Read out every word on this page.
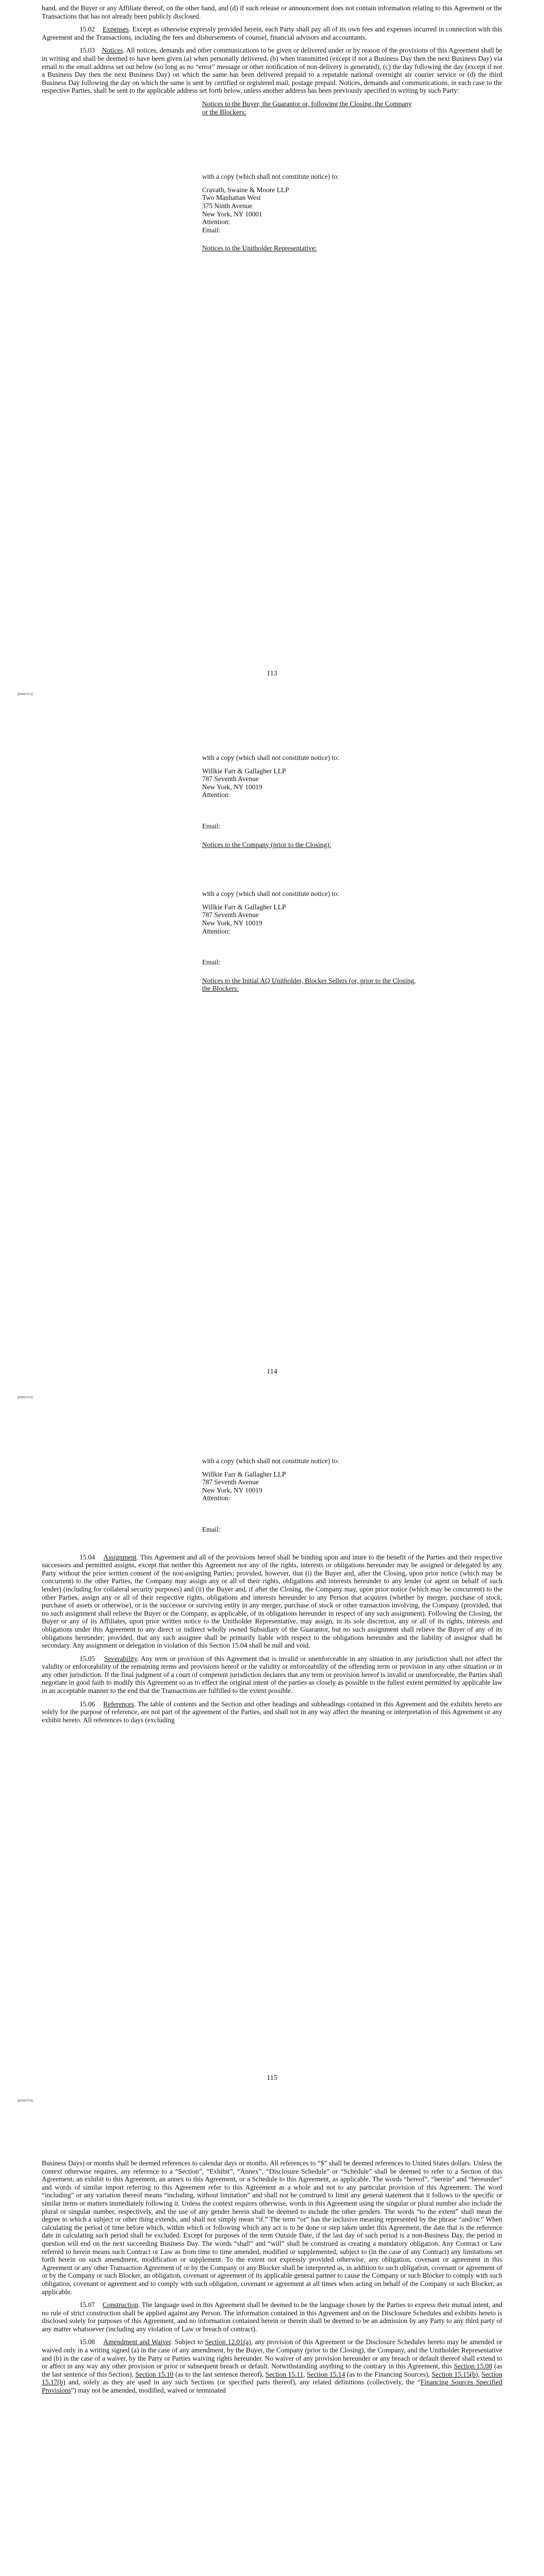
hand, and the Buyer or any Affiliate thereof, on the other hand, and (d) if such release or announcement does not contain information relating to this Agreement or the Transactions that has not already been publicly disclosed.

15.02 Expenses. Except as otherwise expressly provided herein, each Party shall pay all of its own fees and expenses incurred in connection with this Agreement and the Transactions, including the fees and disbursements of counsel, financial advisors and accountants.

15.03 Notices. All notices, demands and other communications to be given or delivered under or by reason of the provisions of this Agreement shall be in writing and shall be deemed to have been given (a) when personally delivered, (b) when transmitted (except if not a Business Day then the next Business Day) via email to the email address set out below (so long as no “error” message or other notification of non-delivery is generated), (c) the day following the day (except if not a Business Day then the next Business Day) on which the same has been delivered prepaid to a reputable national overnight air courier service or (d) the third Business Day following the day on which the same is sent by certified or registered mail, postage prepaid. Notices, demands and communications, in each case to the respective Parties, shall be sent to the applicable address set forth below, unless another address has been previously specified in writing by such Party:

Notices to the Buyer, the Guarantor or, following the Closing, the Company or the Blockers:
with a copy (which shall not constitute notice) to:
Cravath, Swaine & Moore LLP
Two Manhattan West
375 Ninth Avenue
New York, NY 10001
Attention:
Email:
Notices to the Unitholder Representative:
113
[[5999767]]
with a copy (which shall not constitute notice) to:
Willkie Farr & Gallagher LLP
787 Seventh Avenue
New York, NY 10019
Attention:
Email:
Notices to the Company (prior to the Closing):
with a copy (which shall not constitute notice) to:
Willkie Farr & Gallagher LLP
787 Seventh Avenue
New York, NY 10019
Attention:
Email:
Notices to the Initial AQ Unitholder, Blocker Sellers (or, prior to the Closing, the Blockers:
114
[[5999767]]
with a copy (which shall not constitute notice) to:
Willkie Farr & Gallagher LLP
787 Seventh Avenue
New York, NY 10019
Attention:
Email:

15.04 Assignment. This Agreement and all of the provisions hereof shall be binding upon and inure to the benefit of the Parties and their respective successors and permitted assigns, except that neither this Agreement nor any of the rights, interests or obligations hereunder may be assigned or delegated by any Party without the prior written consent of the non-assigning Parties; provided, however, that (i) the Buyer and, after the Closing, upon prior notice (which may be concurrent) to the other Parties, the Company may assign any or all of their rights, obligations and interests hereunder to any lender (or agent on behalf of such lender) (including for collateral security purposes) and (ii) the Buyer and, if after the Closing, the Company may, upon prior notice (which may be concurrent) to the other Parties, assign any or all of their respective rights, obligations and interests hereunder to any Person that acquires (whether by merger, purchase of stock, purchase of assets or otherwise), or is the successor or surviving entity in any merger, purchase of stock or other transaction involving, the Company (provided, that no such assignment shall relieve the Buyer or the Company, as applicable, of its obligations hereunder in respect of any such assignment). Following the Closing, the Buyer or any of its Affiliates, upon prior written notice to the Unitholder Representative, may assign, in its sole discretion, any or all of its rights, interests and obligations under this Agreement to any direct or indirect wholly owned Subsidiary of the Guarantor, but no such assignment shall relieve the Buyer of any of its obligations hereunder; provided, that any such assignee shall be primarily liable with respect to the obligations hereunder and the liability of assignor shall be secondary. Any assignment or delegation in violation of this Section 15.04 shall be null and void.

15.05 Severability. Any term or provision of this Agreement that is invalid or unenforceable in any situation in any jurisdiction shall not affect the validity or enforceability of the remaining terms and provisions hereof or the validity or enforceability of the offending term or provision in any other situation or in any other jurisdiction. If the final judgment of a court of competent jurisdiction declares that any term or provision hereof is invalid or unenforceable, the Parties shall negotiate in good faith to modify this Agreement so as to effect the original intent of the parties as closely as possible to the fullest extent permitted by applicable law in an acceptable manner to the end that the Transactions are fulfilled to the extent possible.

15.06 References. The table of contents and the Section and other headings and subheadings contained in this Agreement and the exhibits hereto are solely for the purpose of reference, are not part of the agreement of the Parties, and shall not in any way affect the meaning or interpretation of this Agreement or any exhibit hereto. All references to days (excluding

115
[[5999767]]

Business Days) or months shall be deemed references to calendar days or months. All references to “$” shall be deemed references to United States dollars. Unless the context otherwise requires, any reference to a “Section”, “Exhibit”, “Annex”, “Disclosure Schedule” or “Schedule” shall be deemed to refer to a Section of this Agreement, an exhibit to this Agreement, an annex to this Agreement, or a Schedule to this Agreement, as applicable. The words “hereof”, “herein” and “hereunder” and words of similar import referring to this Agreement refer to this Agreement as a whole and not to any particular provision of this Agreement. The word “including” or any variation thereof means “including, without limitation” and shall not be construed to limit any general statement that it follows to the specific or similar items or matters immediately following it. Unless the context requires otherwise, words in this Agreement using the singular or plural number also include the plural or singular number, respectively, and the use of any gender herein shall be deemed to include the other genders. The words “to the extent” shall mean the degree to which a subject or other thing extends, and shall not simply mean “if.” The term “or” has the inclusive meaning represented by the phrase “and/or.” When calculating the period of time before which, within which or following which any act is to be done or step taken under this Agreement, the date that is the reference date in calculating such period shall be excluded. Except for purposes of the term Outside Date, if the last day of such period is a non-Business Day, the period in question will end on the next succeeding Business Day. The words “shall” and “will” shall be construed as creating a mandatory obligation. Any Contract or Law referred to herein means such Contract or Law as from time to time amended, modified or supplemented, subject to (in the case of any Contract) any limitations set forth herein on such amendment, modification or supplement. To the extent not expressly provided otherwise, any obligation, covenant or agreement in this Agreement or any other Transaction Agreement of or by the Company or any Blocker shall be interpreted as, in addition to such obligation, covenant or agreement of or by the Company or such Blocker, an obligation, covenant or agreement of its applicable general partner to cause the Company or such Blocker to comply with such obligation, covenant or agreement and to comply with such obligation, covenant or agreement at all times when acting on behalf of the Company or such Blocker, as applicable.

15.07 Construction. The language used in this Agreement shall be deemed to be the language chosen by the Parties to express their mutual intent, and no rule of strict construction shall be applied against any Person. The information contained in this Agreement and on the Disclosure Schedules and exhibits hereto is disclosed solely for purposes of this Agreement, and no information contained herein or therein shall be deemed to be an admission by any Party to any third party of any matter whatsoever (including any violation of Law or breach of contract).

15.08 Amendment and Waiver. Subject to Section 12.01(a), any provision of this Agreement or the Disclosure Schedules hereto may be amended or waived only in a writing signed (a) in the case of any amendment, by the Buyer, the Company (prior to the Closing), the Company, and the Unitholder Representative and (b) in the case of a waiver, by the Party or Parties waiving rights hereunder. No waiver of any provision hereunder or any breach or default thereof shall extend to or affect in any way any other provision or prior or subsequent breach or default. Notwithstanding anything to the contrary in this Agreement, this Section 15.08 (as the last sentence of this Section), Section 15.10 (as to the last sentence thereof), Section 15.11, Section 15.14 (as to the Financing Sources), Section 15.15(b), Section 15.17(b) and, solely as they are used in any such Sections (or specified parts thereof), any related definitions (collectively, the “Financing Sources Specified Provisions”) may not be amended, modified, waived or terminated
